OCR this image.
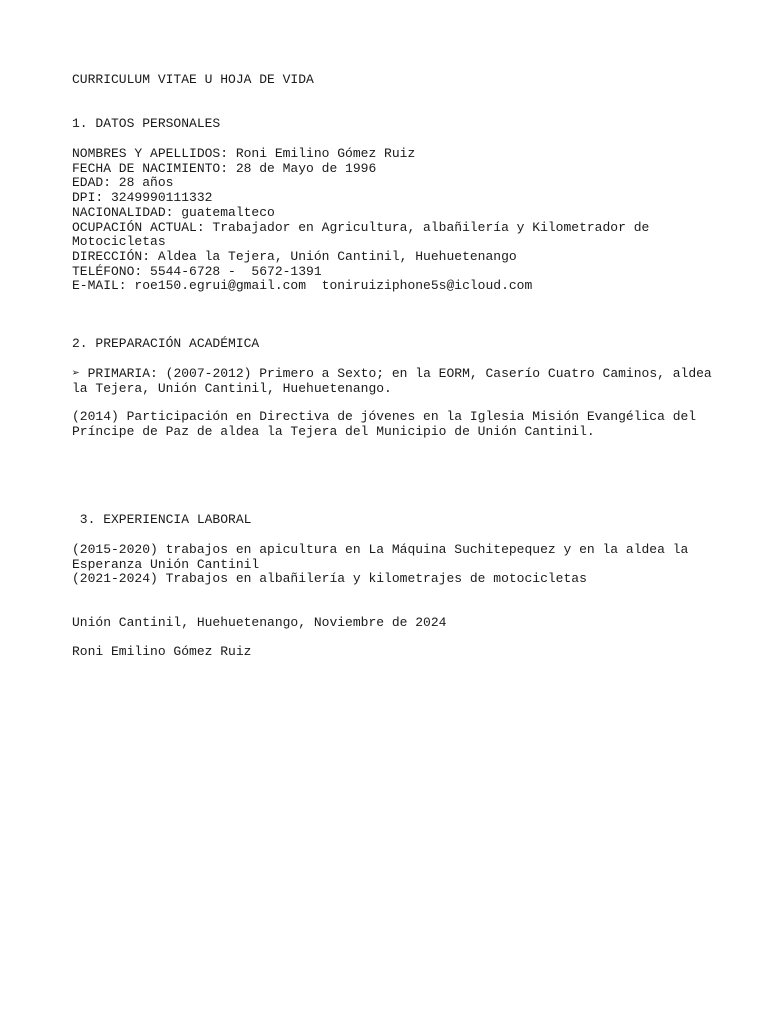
CURRICULUM VITAE U HOJA DE VIDA
1. DATOS PERSONALES
NOMBRES Y APELLIDOS: Roni Emilino Gómez Ruiz
FECHA DE NACIMIENTO: 28 de Mayo de 1996
EDAD: 28 años
DPI: 3249990111332
NACIONALIDAD: guatemalteco
OCUPACIÓN ACTUAL: Trabajador en Agricultura, albañilería y Kilometrador de
Motocicletas
DIRECCIÓN: Aldea la Tejera, Unión Cantinil, Huehuetenango
TELÉFONO: 5544-6728 -  5672-1391
E-MAIL: roe150.egrui@gmail.com  toniruiziphone5s@icloud.com
2. PREPARACIÓN ACADÉMICA
➢ PRIMARIA: (2007-2012) Primero a Sexto; en la EORM, Caserío Cuatro Caminos, aldea
la Tejera, Unión Cantinil, Huehuetenango.
(2014) Participación en Directiva de jóvenes en la Iglesia Misión Evangélica del
Príncipe de Paz de aldea la Tejera del Municipio de Unión Cantinil.
3. EXPERIENCIA LABORAL
(2015-2020) trabajos en apicultura en La Máquina Suchitepequez y en la aldea la
Esperanza Unión Cantinil
(2021-2024) Trabajos en albañilería y kilometrajes de motocicletas
Unión Cantinil, Huehuetenango, Noviembre de 2024
Roni Emilino Gómez Ruiz
